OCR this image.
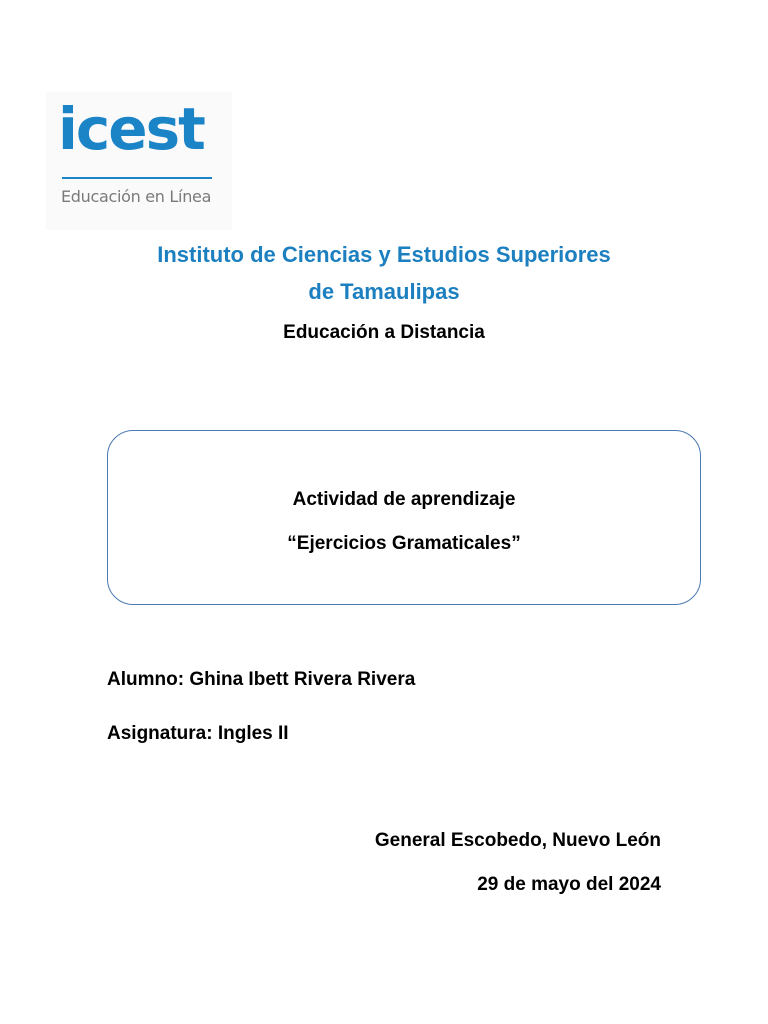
icest
Educación en Línea
Instituto de Ciencias y Estudios Superiores
de Tamaulipas
Educación a Distancia
Actividad de aprendizaje
“Ejercicios Gramaticales”
Alumno: Ghina Ibett Rivera Rivera
Asignatura: Ingles II
General Escobedo, Nuevo León
29 de mayo del 2024
